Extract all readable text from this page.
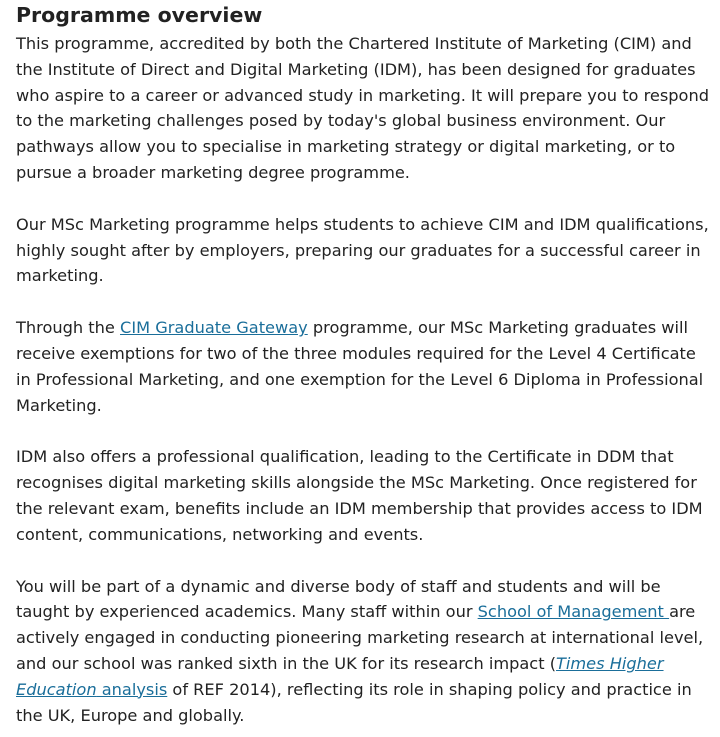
Programme overview

This programme, accredited by both the Chartered Institute of Marketing (CIM) and the Institute of Direct and Digital Marketing (IDM), has been designed for graduates who aspire to a career or advanced study in marketing. It will prepare you to respond to the marketing challenges posed by today's global business environment. Our pathways allow you to specialise in marketing strategy or digital marketing, or to pursue a broader marketing degree programme.

Our MSc Marketing programme helps students to achieve CIM and IDM qualifications, highly sought after by employers, preparing our graduates for a successful career in marketing.

Through the CIM Graduate Gateway programme, our MSc Marketing graduates will receive exemptions for two of the three modules required for the Level 4 Certificate in Professional Marketing, and one exemption for the Level 6 Diploma in Professional Marketing.

IDM also offers a professional qualification, leading to the Certificate in DDM that recognises digital marketing skills alongside the MSc Marketing. Once registered for the relevant exam, benefits include an IDM membership that provides access to IDM content, communications, networking and events.

You will be part of a dynamic and diverse body of staff and students and will be taught by experienced academics. Many staff within our School of Management are actively engaged in conducting pioneering marketing research at international level, and our school was ranked sixth in the UK for its research impact (Times Higher Education analysis of REF 2014), reflecting its role in shaping policy and practice in the UK, Europe and globally.
